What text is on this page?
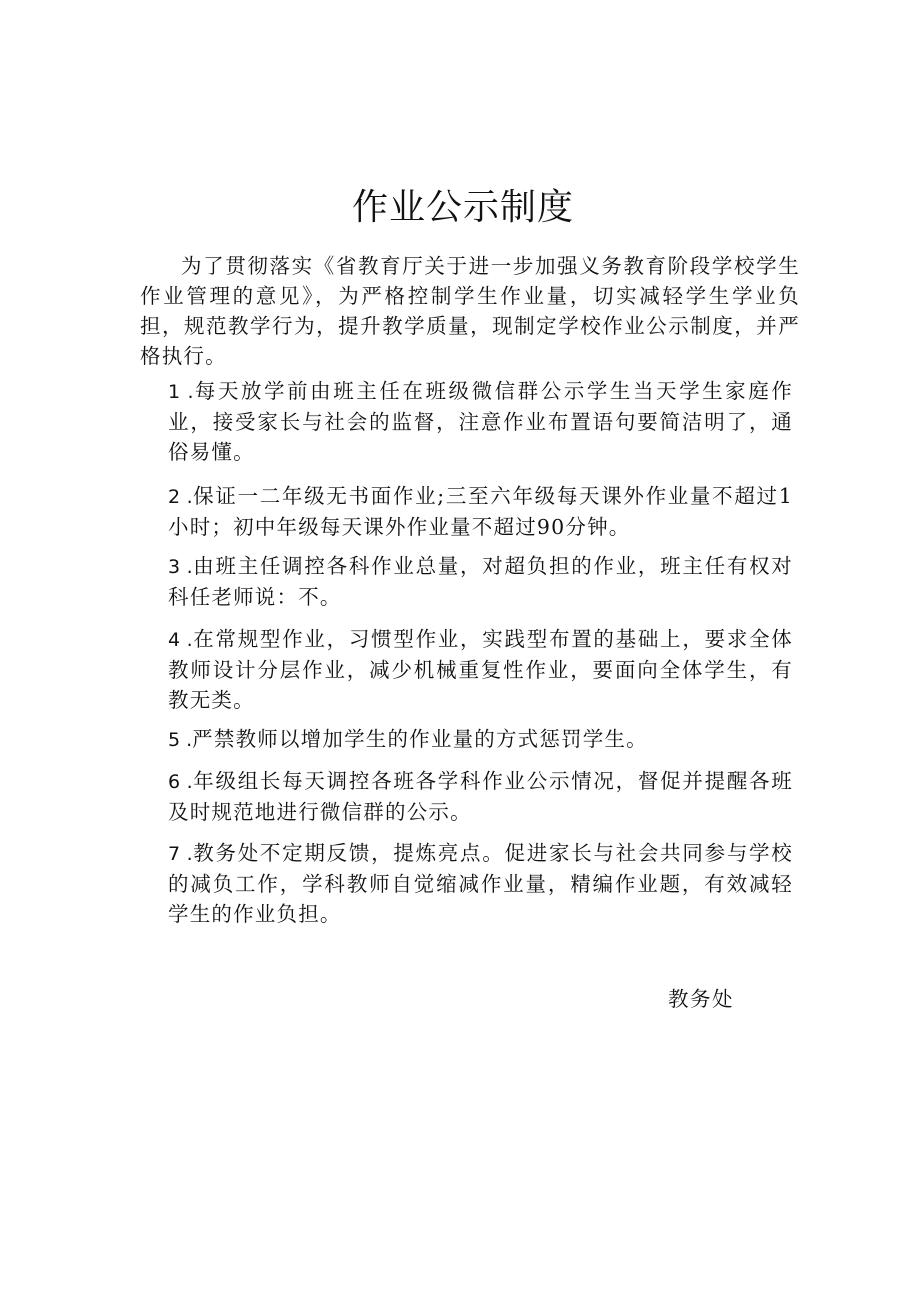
作业公示制度

为了贯彻落实《省教育厅关于进一步加强义务教育阶段学校学生作业管理的意见》，为严格控制学生作业量，切实减轻学生学业负担，规范教学行为，提升教学质量，现制定学校作业公示制度，并严格执行。

1 .每天放学前由班主任在班级微信群公示学生当天学生家庭作业，接受家长与社会的监督，注意作业布置语句要简洁明了，通俗易懂。

2 .保证一二年级无书面作业;三至六年级每天课外作业量不超过1小时；初中年级每天课外作业量不超过90分钟。

3 .由班主任调控各科作业总量，对超负担的作业，班主任有权对科任老师说：不。

4 .在常规型作业，习惯型作业，实践型布置的基础上，要求全体教师设计分层作业，减少机械重复性作业，要面向全体学生，有教无类。

5 .严禁教师以增加学生的作业量的方式惩罚学生。

6 .年级组长每天调控各班各学科作业公示情况，督促并提醒各班及时规范地进行微信群的公示。

7 .教务处不定期反馈，提炼亮点。促进家长与社会共同参与学校的减负工作，学科教师自觉缩减作业量，精编作业题，有效减轻学生的作业负担。

教务处
